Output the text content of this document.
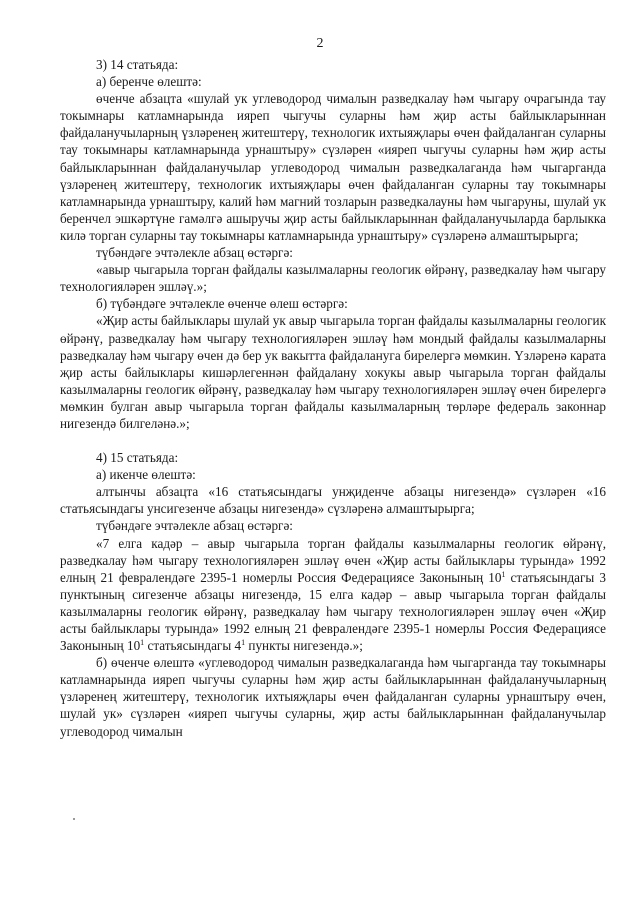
2

3) 14 статьяда:

а) беренче өлештә:

өченче абзацта «шулай ук углеводород чималын разведкалау һәм чыгару очрагында тау токымнары катламнарында ияреп чыгучы суларны һәм җир асты байлыкларыннан файдаланучыларның үзләренең житештерү, технологик ихтыяҗлары өчен файдаланган суларны тау токымнары катламнарында урнаштыру» сүзләрен «ияреп чыгучы суларны һәм җир асты байлыкларыннан файдаланучылар углеводород чималын разведкалаганда һәм чыгарганда үзләренең житештерү, технологик ихтыяҗлары өчен файдаланган суларны тау токымнары катламнарында урнаштыру, калий һәм магний тозларын разведкалауны һәм чыгаруны, шулай ук беренчел эшкәртүне гамәлгә ашыручы җир асты байлыкларыннан файдаланучыларда барлыкка килә торган суларны тау токымнары катламнарында урнаштыру» сүзләренә алмаштырырга;

түбәндәге эчтәлекле абзац өстәргә:

«авыр чыгарыла торган файдалы казылмаларны геологик өйрәнү, разведкалау һәм чыгару технологияләрен эшләү.»;

б) түбәндәге эчтәлекле өченче өлеш өстәргә:

«Җир асты байлыклары шулай ук авыр чыгарыла торган файдалы казылмаларны геологик өйрәнү, разведкалау һәм чыгару технологияләрен эшләү һәм мондый файдалы казылмаларны разведкалау һәм чыгару өчен дә бер ук вакытта файдалануга бирелергә мөмкин. Үзләренә карата җир асты байлыклары кишәрлегеннән файдалану хокукы авыр чыгарыла торган файдалы казылмаларны геологик өйрәнү, разведкалау һәм чыгару технологияләрен эшләү өчен бирелергә мөмкин булган авыр чыгарыла торган файдалы казылмаларның төрләре федераль законнар нигезендә билгеләнә.»;

4) 15 статьяда:

а) икенче өлештә:

алтынчы абзацта «16 статьясындагы унҗиденче абзацы нигезендә» сүзләрен «16 статьясындагы унсигезенче абзацы нигезендә» сүзләренә алмаштырырга;

түбәндәге эчтәлекле абзац өстәргә:

«7 елга кадәр – авыр чыгарыла торган файдалы казылмаларны геологик өйрәнү, разведкалау һәм чыгару технологияләрен эшләү өчен «Җир асты байлыклары турында» 1992 елның 21 февралендәге 2395-1 номерлы Россия Федерациясе Законының $10^1$ статьясындагы 3 пунктының сигезенче абзацы нигезендә, 15 елга кадәр – авыр чыгарыла торган файдалы казылмаларны геологик өйрәнү, разведкалау һәм чыгару технологияләрен эшләү өчен «Җир асты байлыклары турында» 1992 елның 21 февралендәге 2395-1 номерлы Россия Федерациясе Законының $10^1$ статьясындагы $4^1$ пункты нигезендә.»;

б) өченче өлештә «углеводород чималын разведкалаганда һәм чыгарганда тау токымнары катламнарында ияреп чыгучы суларны һәм җир асты байлыкларыннан файдаланучыларның үзләренең житештерү, технологик ихтыяҗлары өчен файдаланган суларны урнаштыру өчен, шулай ук» сүзләрен «ияреп чыгучы суларны, җир асты байлыкларыннан файдаланучылар углеводород чималын
